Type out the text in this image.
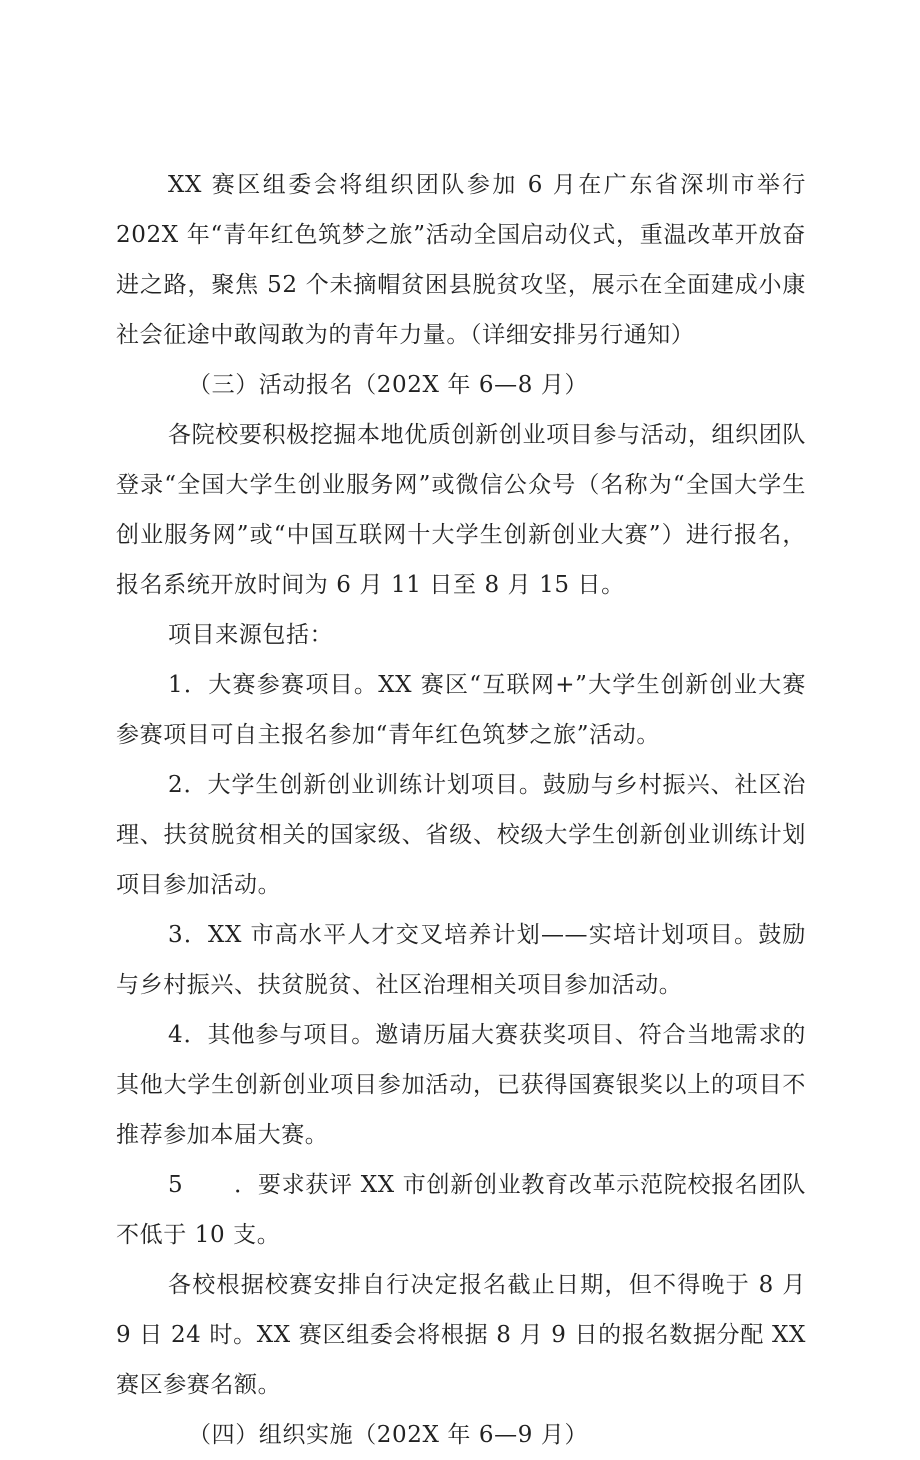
XX 赛区组委会将组织团队参加 6 月在广东省深圳市举行 202X 年“青年红色筑梦之旅”活动全国启动仪式，重温改革开放奋进之路，聚焦 52 个未摘帽贫困县脱贫攻坚，展示在全面建成小康社会征途中敢闯敢为的青年力量。（详细安排另行通知）

（三）活动报名（202X 年 6—8 月）

各院校要积极挖掘本地优质创新创业项目参与活动，组织团队登录“全国大学生创业服务网”或微信公众号（名称为“全国大学生创业服务网”或“中国互联网十大学生创新创业大赛”）进行报名，报名系统开放时间为 6 月 11 日至 8 月 15 日。

项目来源包括：

1．大赛参赛项目。XX 赛区“互联网+”大学生创新创业大赛参赛项目可自主报名参加“青年红色筑梦之旅”活动。

2．大学生创新创业训练计划项目。鼓励与乡村振兴、社区治理、扶贫脱贫相关的国家级、省级、校级大学生创新创业训练计划项目参加活动。

3．XX 市高水平人才交叉培养计划——实培计划项目。鼓励与乡村振兴、扶贫脱贫、社区治理相关项目参加活动。

4．其他参与项目。邀请历届大赛获奖项目、符合当地需求的其他大学生创新创业项目参加活动，已获得国赛银奖以上的项目不推荐参加本届大赛。

5 ．要求获评 XX 市创新创业教育改革示范院校报名团队不低于 10 支。

各校根据校赛安排自行决定报名截止日期，但不得晚于 8 月 9 日 24 时。XX 赛区组委会将根据 8 月 9 日的报名数据分配 XX 赛区参赛名额。

（四）组织实施（202X 年 6—9 月）
